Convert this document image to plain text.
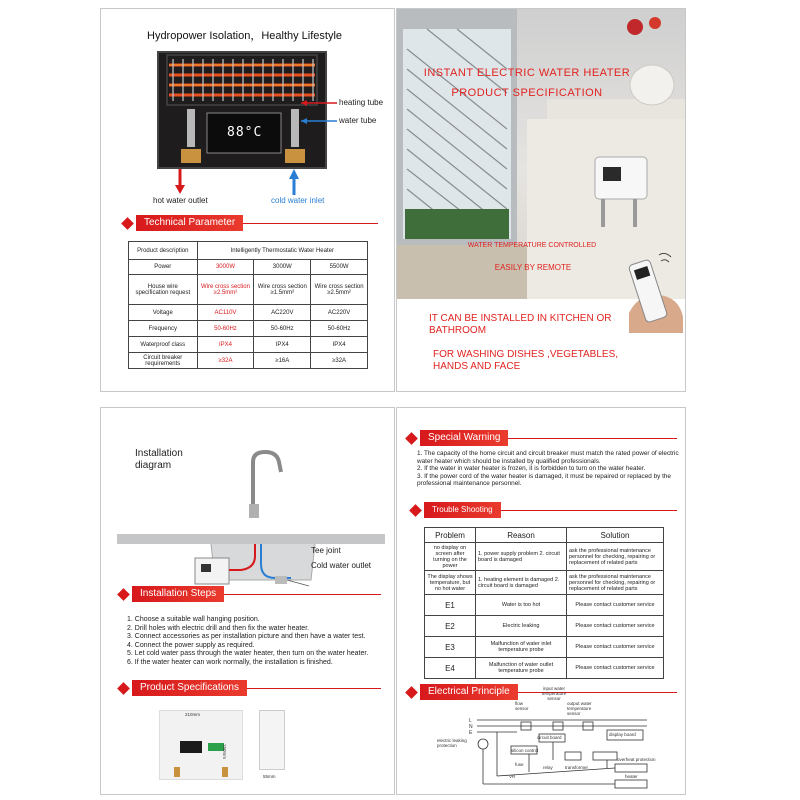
Hydropower Isolation，Healthy Lifestyle
88°C
heating tube
water tube
hot water outlet	cold water inlet
Technical Parameter
Product description	Intelligently Thermostatic Water Heater		
Power	3000W	3000W	5500W
House wire specification request	Wire cross section ≥2.5mm²	Wire cross section ≥1.5mm²	Wire cross section ≥2.5mm²
Voltage	AC110V	AC220V	AC220V
Frequency	50-60Hz	50-60Hz	50-60Hz
Waterproof class	IPX4	IPX4	IPX4
Circuit breaker requirements	≥32A	≥16A	≥32A
INSTANT ELECTRIC WATER HEATER
PRODUCT SPECIFICATION
WATER TEMPERATURE CONTROLLED
EASILY BY REMOTE
IT CAN BE INSTALLED IN KITCHEN OR BATHROOM
FOR WASHING DISHES ,VEGETABLES, HANDS AND FACE
Installation diagram
Tee joint
Cold water outlet
Installation Steps
1. Choose a suitable wall hanging position.
2. Drill holes with electric drill and then fix the water heater.
3. Connect accessories as per installation picture and then have a water test.
4. Connect the power supply as required.
5. Let cold water pass through the water heater, then turn on the water heater.
6. If the water heater can work normally, the installation is finished.
Product Specifications
210mm
150mm
55mm
Special Warning
1. The capacity of the home circuit and circuit breaker must match the rated power of electric water heater which should be installed by qualified professionals.
2. If the water in water heater is frozen, it is forbidden to turn on the water heater.
3. If the power cord of the water heater is damaged, it must be repaired or replaced by the professional maintenance personnel.
Trouble Shooting
Problem	Reason	Solution
no display on screen after turning on the power	1. power supply problem 2. circuit board is damaged	ask the professional maintenance personnel for checking, repairing or replacement of related parts
The display shows temperature, but no hot water	1. heating element is damaged 2. circuit board is damaged	ask the professional maintenance personnel for checking, repairing or replacement of related parts
E1	Water is too hot	Please contact customer service
E2	Electric leaking	Please contact customer service
E3	Malfunction of water inlet temperature probe	Please contact customer service
E4	Malfunction of water outlet temperature probe	Please contact customer service
Electrical Principle
L
N
E
flow sensor
input water temperature sensor
output water temperature sensor
circuit board
display board
silicon control
electric leaking protection
fuse
relay	transformer
VR
overheat protection
heater
